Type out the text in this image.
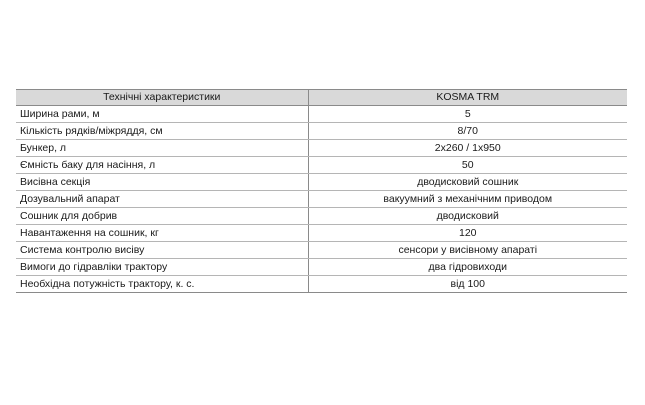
Технічні характеристики	KOSMA TRM
Ширина рами, м	5
Кількість рядків/міжряддя, см	8/70
Бункер, л	2x260 / 1x950
Ємність баку для насіння, л	50
Висівна секція	дводисковий сошник
Дозувальний апарат	вакуумний з механічним приводом
Сошник для добрив	дводисковий
Навантаження на сошник, кг	120
Система контролю висіву	сенсори у висівному апараті
Вимоги до гідравліки трактору	два гідровиходи
Необхідна потужність трактору, к. с.	від 100
